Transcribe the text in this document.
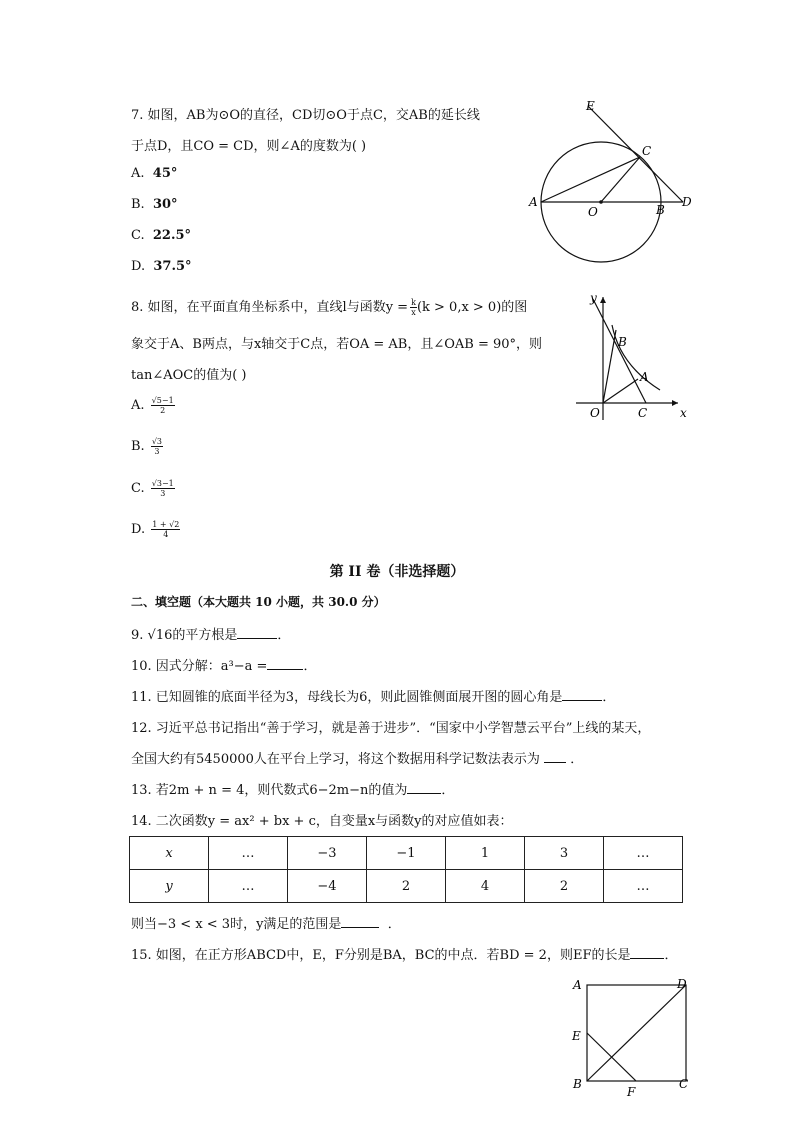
7. 如图，AB为⊙O的直径，CD切⊙O于点C，交AB的延长线
于点D，且CO = CD，则∠A的度数为( )
A. 45°
B. 30°
C. 22.5°
D. 37.5°
E
C
A
O	B
D
8. 如图，在平面直角坐标系中，直线l与函数$y = \frac{k}{x} (k > 0,x > 0)$的图
象交于A、B两点，与x轴交于C点，若OA = AB，且∠OAB = 90°，则
tan∠AOC的值为( )
A. $\frac{√5-1}{2}$
B. $\frac{√3}{3}$
C. $\frac{√3-1}{3}$
D. $\frac{1 + √2}{4}$
y
B
A
O	C	x
第 II 卷（非选择题）
二、填空题（本大题共 10 小题，共 30.0 分）
9. √16的平方根是	．
10. 因式分解：a³−a =	．
11. 已知圆锥的底面半径为3，母线长为6，则此圆锥侧面展开图的圆心角是	．
12. 习近平总书记指出“善于学习，就是善于进步”．“国家中小学智慧云平台”上线的某天，
全国大约有5450000人在平台上学习，将这个数据用科学记数法表示为 ．
13. 若2m + n = 4，则代数式6−2m−n的值为	．
14. 二次函数y = ax² + bx + c，自变量x与函数y的对应值如表：
x	…	−3	−1	1	3	…
y	…	−4	2	4	2	…
则当−3 < x < 3时，y满足的范围是	．
15. 如图，在正方形ABCD中，E，F分别是BA，BC的中点．若BD = 2，则EF的长是	．
A	D
E
B
F
C
